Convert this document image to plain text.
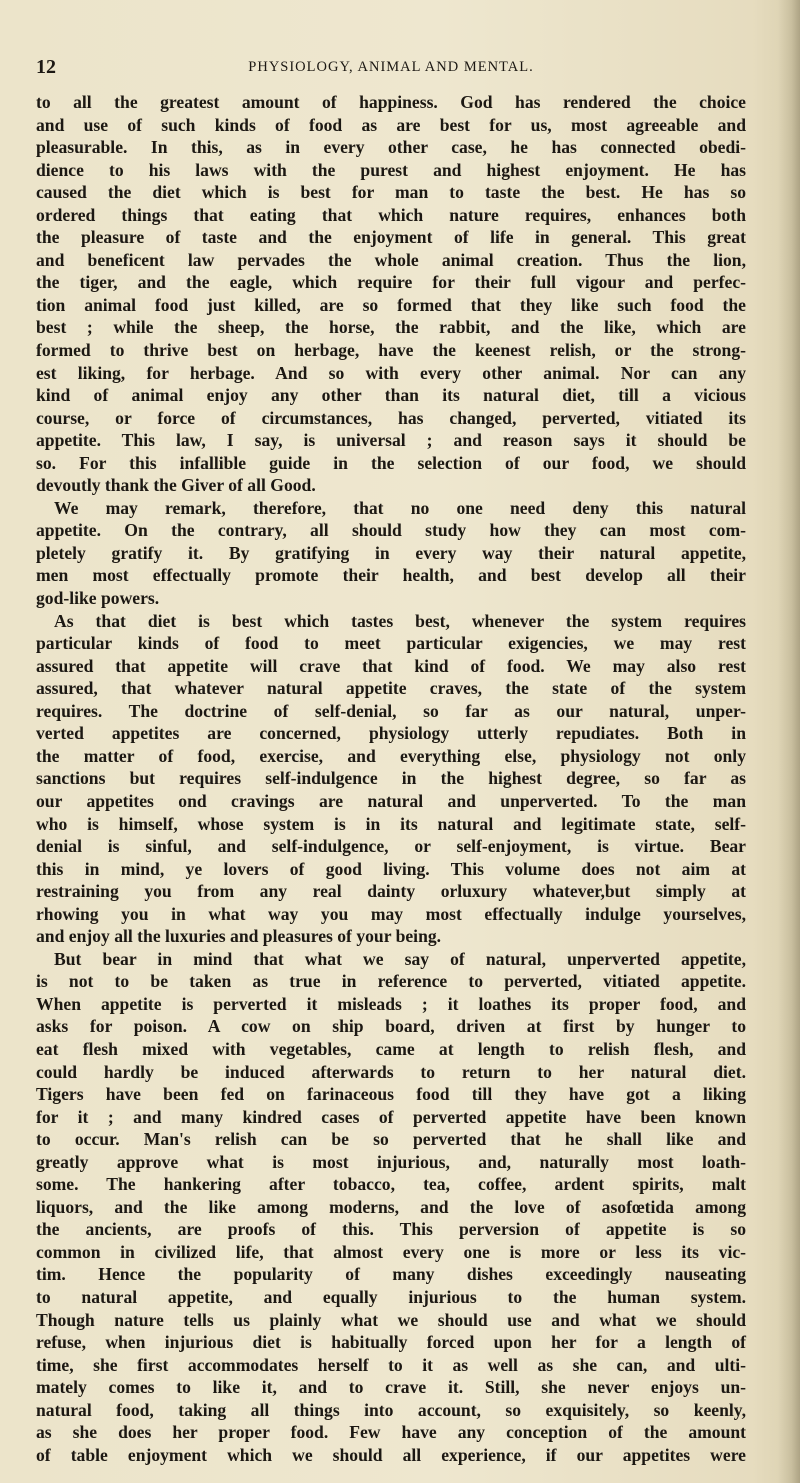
12	PHYSIOLOGY, ANIMAL AND MENTAL.
to all the greatest amount of happiness. God has rendered the choice
and use of such kinds of food as are best for us, most agreeable and
pleasurable. In this, as in every other case, he has connected obedi-
dience to his laws with the purest and highest enjoyment. He has
caused the diet which is best for man to taste the best. He has so
ordered things that eating that which nature requires, enhances both
the pleasure of taste and the enjoyment of life in general. This great
and beneficent law pervades the whole animal creation. Thus the lion,
the tiger, and the eagle, which require for their full vigour and perfec-
tion animal food just killed, are so formed that they like such food the
best ; while the sheep, the horse, the rabbit, and the like, which are
formed to thrive best on herbage, have the keenest relish, or the strong-
est liking, for herbage. And so with every other animal. Nor can any
kind of animal enjoy any other than its natural diet, till a vicious
course, or force of circumstances, has changed, perverted, vitiated its
appetite. This law, I say, is universal ; and reason says it should be
so. For this infallible guide in the selection of our food, we should
devoutly thank the Giver of all Good.
We may remark, therefore, that no one need deny this natural
appetite. On the contrary, all should study how they can most com-
pletely gratify it. By gratifying in every way their natural appetite,
men most effectually promote their health, and best develop all their
god-like powers.
As that diet is best which tastes best, whenever the system requires
particular kinds of food to meet particular exigencies, we may rest
assured that appetite will crave that kind of food. We may also rest
assured, that whatever natural appetite craves, the state of the system
requires. The doctrine of self-denial, so far as our natural, unper-
verted appetites are concerned, physiology utterly repudiates. Both in
the matter of food, exercise, and everything else, physiology not only
sanctions but requires self-indulgence in the highest degree, so far as
our appetites ond cravings are natural and unperverted. To the man
who is himself, whose system is in its natural and legitimate state, self-
denial is sinful, and self-indulgence, or self-enjoyment, is virtue. Bear
this in mind, ye lovers of good living. This volume does not aim at
restraining you from any real dainty orluxury whatever,but simply at
rhowing you in what way you may most effectually indulge yourselves,
and enjoy all the luxuries and pleasures of your being.
But bear in mind that what we say of natural, unperverted appetite,
is not to be taken as true in reference to perverted, vitiated appetite.
When appetite is perverted it misleads ; it loathes its proper food, and
asks for poison. A cow on ship board, driven at first by hunger to
eat flesh mixed with vegetables, came at length to relish flesh, and
could hardly be induced afterwards to return to her natural diet.
Tigers have been fed on farinaceous food till they have got a liking
for it ; and many kindred cases of perverted appetite have been known
to occur. Man's relish can be so perverted that he shall like and
greatly approve what is most injurious, and, naturally most loath-
some. The hankering after tobacco, tea, coffee, ardent spirits, malt
liquors, and the like among moderns, and the love of asofœtida among
the ancients, are proofs of this. This perversion of appetite is so
common in civilized life, that almost every one is more or less its vic-
tim. Hence the popularity of many dishes exceedingly nauseating
to natural appetite, and equally injurious to the human system.
Though nature tells us plainly what we should use and what we should
refuse, when injurious diet is habitually forced upon her for a length of
time, she first accommodates herself to it as well as she can, and ulti-
mately comes to like it, and to crave it. Still, she never enjoys un-
natural food, taking all things into account, so exquisitely, so keenly,
as she does her proper food. Few have any conception of the amount
of table enjoyment which we should all experience, if our appetites were
